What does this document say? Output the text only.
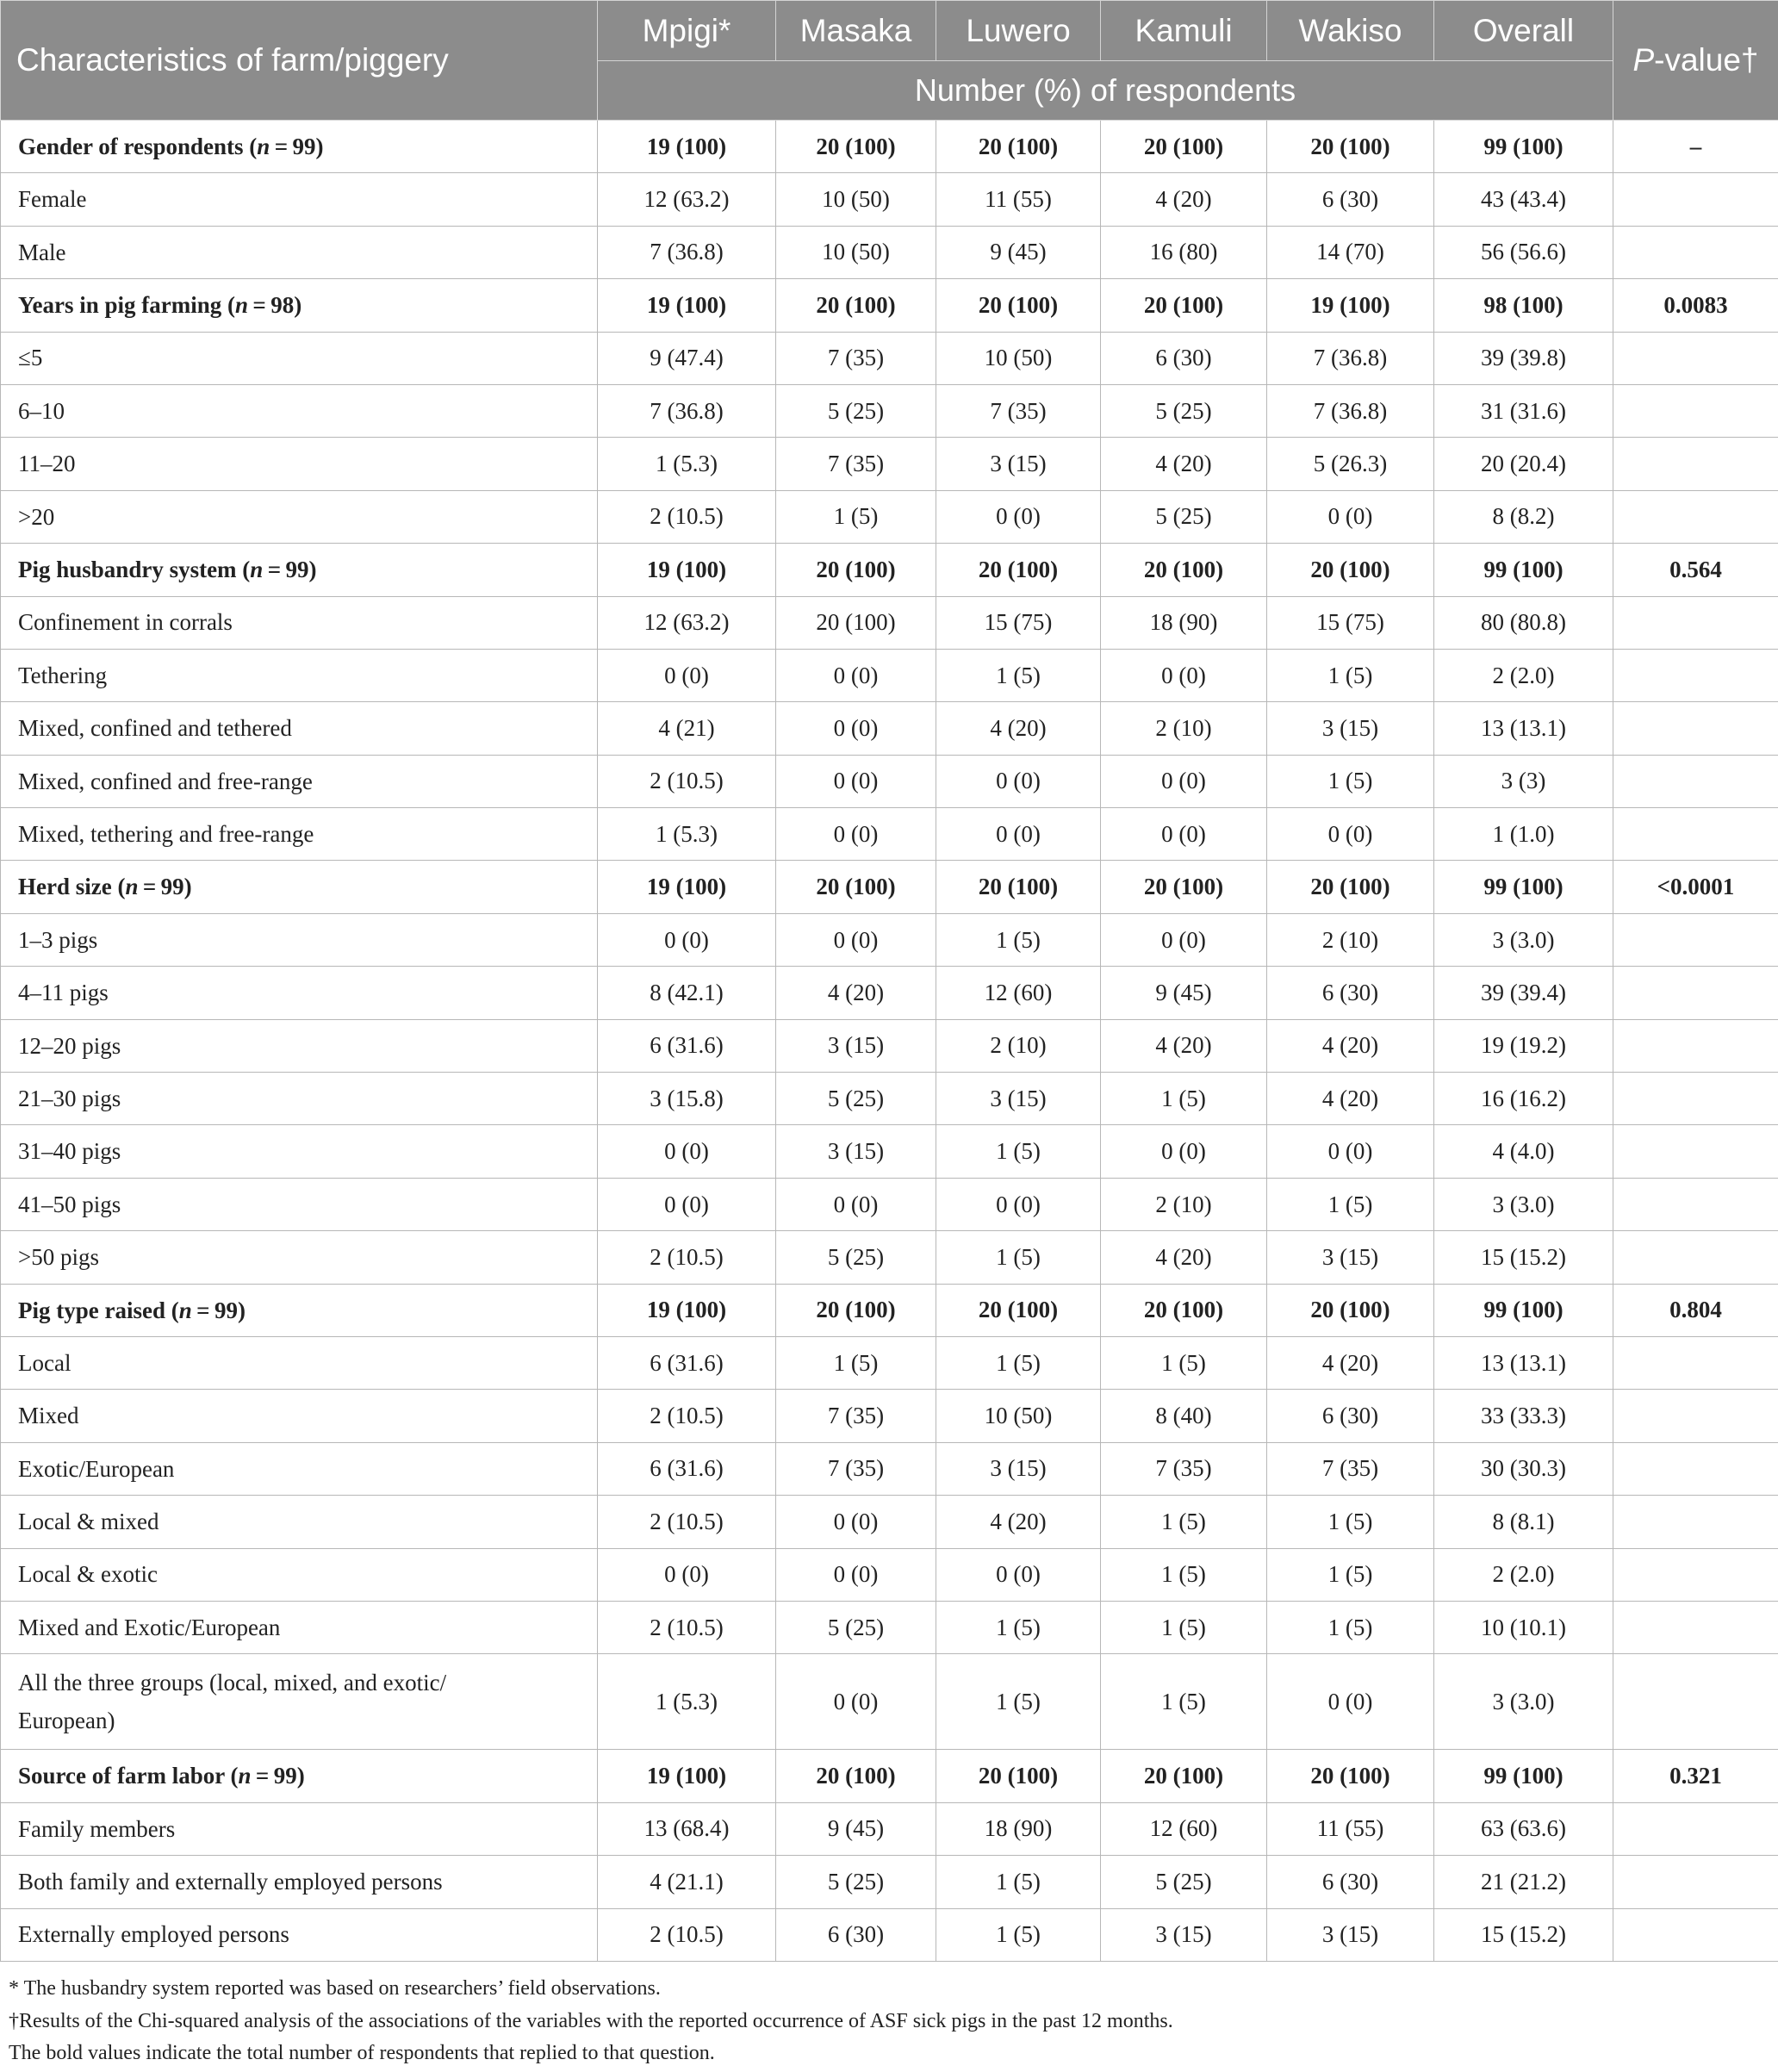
Characteristics of farm/piggery	Mpigi*	Masaka	Luwero	Kamuli	Wakiso	Overall	P-value†
	Number (%) of respondents						
Gender of respondents (n = 99)	19 (100)	20 (100)	20 (100)	20 (100)	20 (100)	99 (100)	–
Female	12 (63.2)	10 (50)	11 (55)	4 (20)	6 (30)	43 (43.4)	
Male	7 (36.8)	10 (50)	9 (45)	16 (80)	14 (70)	56 (56.6)	
Years in pig farming (n = 98)	19 (100)	20 (100)	20 (100)	20 (100)	19 (100)	98 (100)	0.0083
≤5	9 (47.4)	7 (35)	10 (50)	6 (30)	7 (36.8)	39 (39.8)	
6–10	7 (36.8)	5 (25)	7 (35)	5 (25)	7 (36.8)	31 (31.6)	
11–20	1 (5.3)	7 (35)	3 (15)	4 (20)	5 (26.3)	20 (20.4)	
>20	2 (10.5)	1 (5)	0 (0)	5 (25)	0 (0)	8 (8.2)	
Pig husbandry system (n = 99)	19 (100)	20 (100)	20 (100)	20 (100)	20 (100)	99 (100)	0.564
Confinement in corrals	12 (63.2)	20 (100)	15 (75)	18 (90)	15 (75)	80 (80.8)	
Tethering	0 (0)	0 (0)	1 (5)	0 (0)	1 (5)	2 (2.0)	
Mixed, confined and tethered	4 (21)	0 (0)	4 (20)	2 (10)	3 (15)	13 (13.1)	
Mixed, confined and free-range	2 (10.5)	0 (0)	0 (0)	0 (0)	1 (5)	3 (3)	
Mixed, tethering and free-range	1 (5.3)	0 (0)	0 (0)	0 (0)	0 (0)	1 (1.0)	
Herd size (n = 99)	19 (100)	20 (100)	20 (100)	20 (100)	20 (100)	99 (100)	<0.0001
1–3 pigs	0 (0)	0 (0)	1 (5)	0 (0)	2 (10)	3 (3.0)	
4–11 pigs	8 (42.1)	4 (20)	12 (60)	9 (45)	6 (30)	39 (39.4)	
12–20 pigs	6 (31.6)	3 (15)	2 (10)	4 (20)	4 (20)	19 (19.2)	
21–30 pigs	3 (15.8)	5 (25)	3 (15)	1 (5)	4 (20)	16 (16.2)	
31–40 pigs	0 (0)	3 (15)	1 (5)	0 (0)	0 (0)	4 (4.0)	
41–50 pigs	0 (0)	0 (0)	0 (0)	2 (10)	1 (5)	3 (3.0)	
>50 pigs	2 (10.5)	5 (25)	1 (5)	4 (20)	3 (15)	15 (15.2)	
Pig type raised (n = 99)	19 (100)	20 (100)	20 (100)	20 (100)	20 (100)	99 (100)	0.804
Local	6 (31.6)	1 (5)	1 (5)	1 (5)	4 (20)	13 (13.1)	
Mixed	2 (10.5)	7 (35)	10 (50)	8 (40)	6 (30)	33 (33.3)	
Exotic/European	6 (31.6)	7 (35)	3 (15)	7 (35)	7 (35)	30 (30.3)	
Local & mixed	2 (10.5)	0 (0)	4 (20)	1 (5)	1 (5)	8 (8.1)	
Local & exotic	0 (0)	0 (0)	0 (0)	1 (5)	1 (5)	2 (2.0)	
Mixed and Exotic/European	2 (10.5)	5 (25)	1 (5)	1 (5)	1 (5)	10 (10.1)	
All the three groups (local, mixed, and exotic/
European)	1 (5.3)	0 (0)	1 (5)	1 (5)	0 (0)	3 (3.0)	
Source of farm labor (n = 99)	19 (100)	20 (100)	20 (100)	20 (100)	20 (100)	99 (100)	0.321
Family members	13 (68.4)	9 (45)	18 (90)	12 (60)	11 (55)	63 (63.6)	
Both family and externally employed persons	4 (21.1)	5 (25)	1 (5)	5 (25)	6 (30)	21 (21.2)	
Externally employed persons	2 (10.5)	6 (30)	1 (5)	3 (15)	3 (15)	15 (15.2)	
* The husbandry system reported was based on researchers’ field observations.
†Results of the Chi-squared analysis of the associations of the variables with the reported occurrence of ASF sick pigs in the past 12 months.
The bold values indicate the total number of respondents that replied to that question.
